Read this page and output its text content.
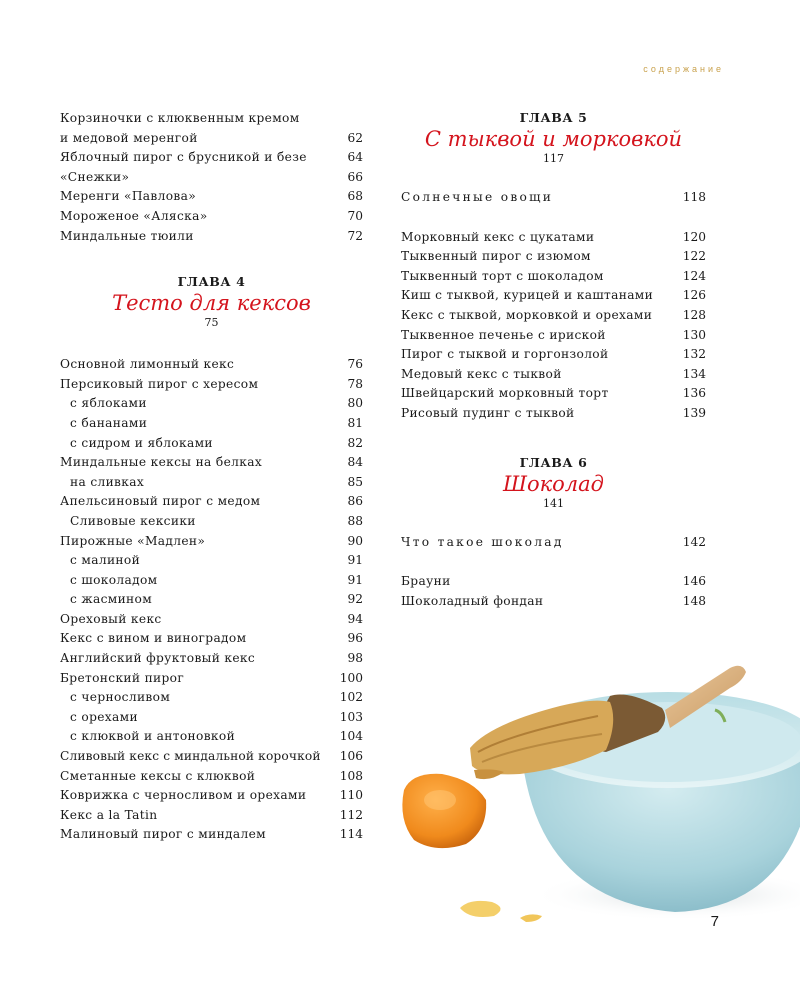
содержание
Корзиночки с клюквенным кремом
и медовой меренгой	62
Яблочный пирог с брусникой и безе	64
«Снежки»	66
Меренги «Павлова»	68
Мороженое «Аляска»	70
Миндальные тюили	72
ГЛАВА 4
Тесто для кексов
75
Основной лимонный кекс	76
Персиковый пирог с хересом	78
с яблоками	80
с бананами	81
с сидром и яблоками	82
Миндальные кексы на белках	84
на сливках	85
Апельсиновый пирог с медом	86
Сливовые кексики	88
Пирожные «Мадлен»	90
с малиной	91
с шоколадом	91
с жасмином	92
Ореховый кекс	94
Кекс с вином и виноградом	96
Английский фруктовый кекс	98
Бретонский пирог	100
с черносливом	102
с орехами	103
с клюквой и антоновкой	104
Сливовый кекс с миндальной корочкой 106
Сметанные кексы с клюквой	108
Коврижка с черносливом и орехами	110
Кекс а la Tatin	112
Малиновый пирог с миндалем	114
ГЛАВА 5
С тыквой и морковкой
117
Солнечные овощи	118
Морковный кекс с цукатами	120
Тыквенный пирог с изюмом	122
Тыквенный торт с шоколадом	124
Киш с тыквой, курицей и каштанами 126
Кекс с тыквой, морковкой и орехами	128
Тыквенное печенье с ириской	130
Пирог с тыквой и горгонзолой	132
Медовый кекс с тыквой	134
Швейцарский морковный торт	136
Рисовый пудинг с тыквой	139
ГЛАВА 6
Шоколад
141
Что такое шоколад	142
Брауни	146
Шоколадный фондан	148
7
